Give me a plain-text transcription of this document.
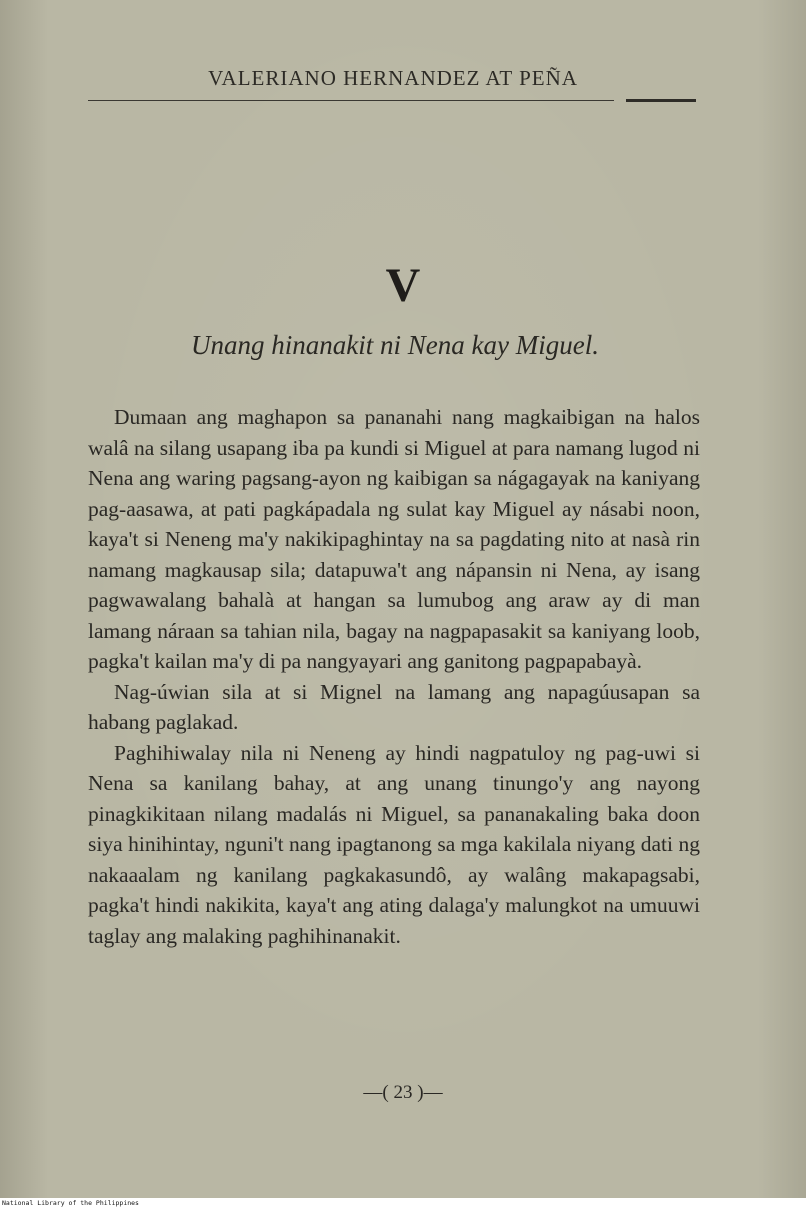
VALERIANO HERNANDEZ AT PEÑA
V
Unang hinanakit ni Nena kay Miguel.

Dumaan ang maghapon sa pananahi nang magkaibigan na halos walâ na silang usapang iba pa kundi si Miguel at para namang lugod ni Nena ang waring pagsang-ayon ng kaibigan sa nágagayak na kaniyang pag-aasawa, at pati pagkápadala ng sulat kay Miguel ay násabi noon, kaya't si Neneng ma'y nakikipaghintay na sa pagdating nito at nasà rin namang magkausap sila; datapuwa't ang nápansin ni Nena, ay isang pagwawalang bahalà at hangan sa lumubog ang araw ay di man lamang náraan sa tahian nila, bagay na nagpapasakit sa kaniyang loob, pagka't kailan ma'y di pa nangyayari ang ganitong pagpapabayà.

Nag-úwian sila at si Mignel na lamang ang napagúusapan sa habang paglakad.

Paghihiwalay nila ni Neneng ay hindi nagpatuloy ng pag-uwi si Nena sa kanilang bahay, at ang unang tinungo'y ang nayong pinagkikitaan nilang madalás ni Miguel, sa pananakaling baka doon siya hinihintay, nguni't nang ipagtanong sa mga kakilala niyang dati ng nakaaalam ng kanilang pagkakasundô, ay walâng makapagsabi, pagka't hindi nakikita, kaya't ang ating dalaga'y malungkot na umuuwi taglay ang malaking paghihinanakit.

—( 23 )—
National Library of the Philippines
